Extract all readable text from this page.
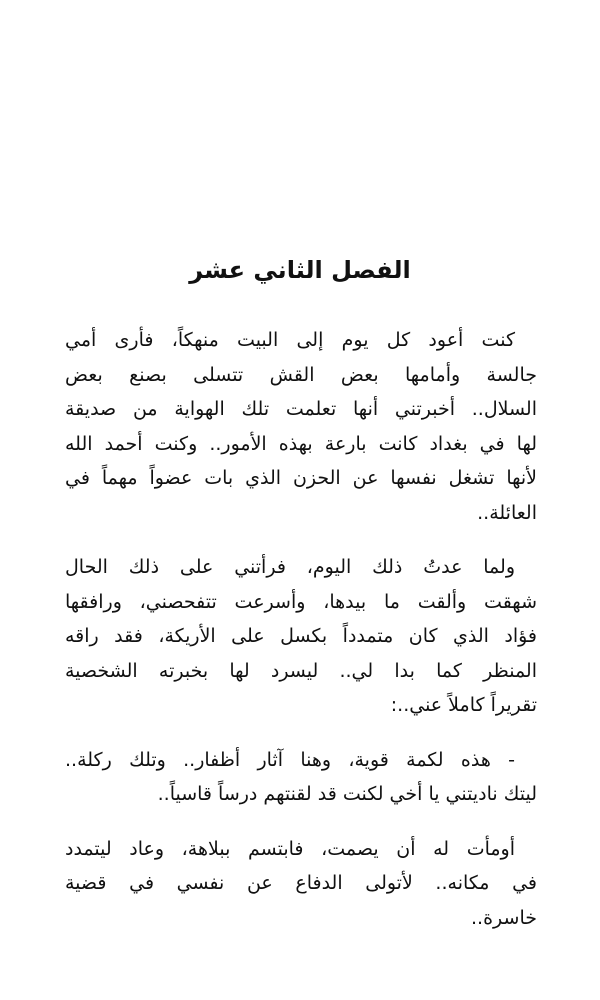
الفصل الثاني عشر
كنت أعود كل يوم إلى البيت منهكاً، فأرى أمي
جالسة وأمامها بعض القش تتسلى بصنع بعض
السلال.. أخبرتني أنها تعلمت تلك الهواية من صديقة
لها في بغداد كانت بارعة بهذه الأمور.. وكنت أحمد الله
لأنها تشغل نفسها عن الحزن الذي بات عضواً مهماً في
العائلة..
ولما عدتُ ذلك اليوم، فرأتني على ذلك الحال
شهقت وألقت ما بيدها، وأسرعت تتفحصني، ورافقها
فؤاد الذي كان متمدداً بكسل على الأريكة، فقد راقه
المنظر كما بدا لي.. ليسرد لها بخبرته الشخصية
تقريراً كاملاً عني..:
- هذه لكمة قوية، وهنا آثار أظفار.. وتلك ركلة..
ليتك ناديتني يا أخي لكنت قد لقنتهم درساً قاسياً..
أومأت له أن يصمت، فابتسم ببلاهة، وعاد ليتمدد
في مكانه.. لأتولى الدفاع عن نفسي في قضية
خاسرة..
